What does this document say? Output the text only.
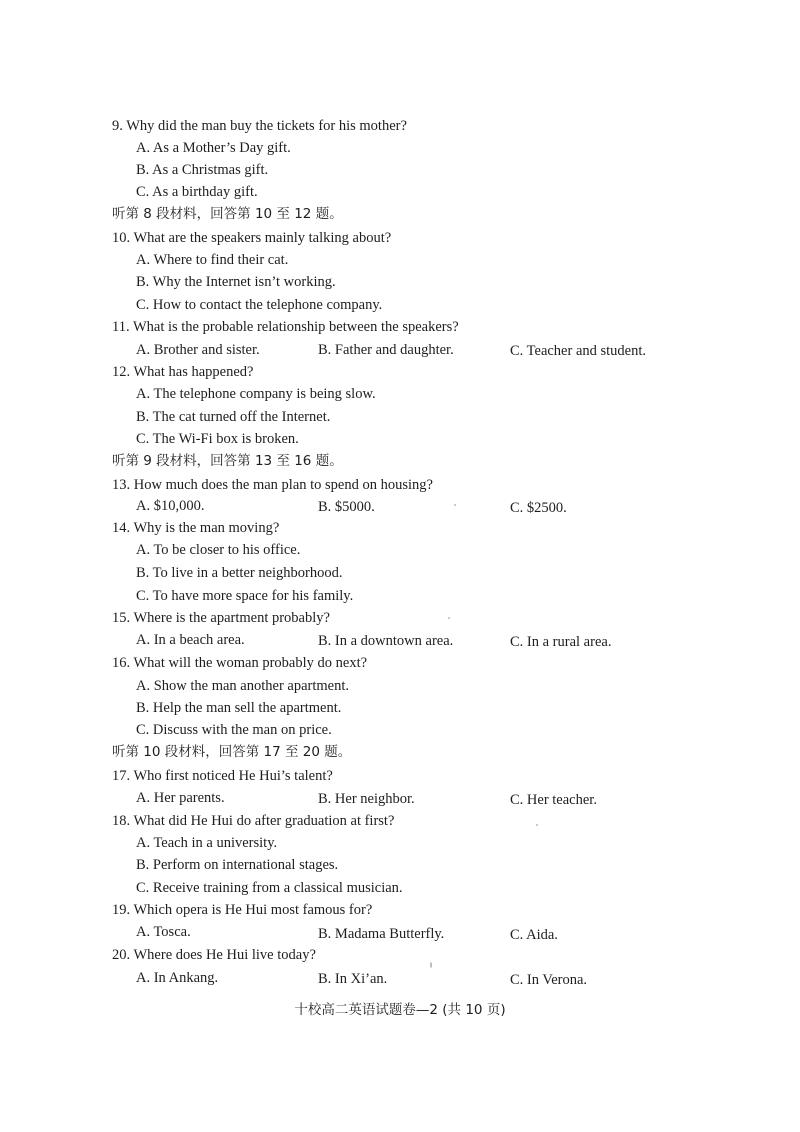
9. Why did the man buy the tickets for his mother?
A. As a Mother’s Day gift.
B. As a Christmas gift.
C. As a birthday gift.
听第 8 段材料，回答第 10 至 12 题。
10. What are the speakers mainly talking about?
A. Where to find their cat.
B. Why the Internet isn’t working.
C. How to contact the telephone company.
11. What is the probable relationship between the speakers?
A. Brother and sister.	B. Father and daughter.	C. Teacher and student.
12. What has happened?
A. The telephone company is being slow.
B. The cat turned off the Internet.
C. The Wi-Fi box is broken.
听第 9 段材料，回答第 13 至 16 题。
13. How much does the man plan to spend on housing?
A. $10,000.	B. $5000.	C. $2500.
14. Why is the man moving?
A. To be closer to his office.
B. To live in a better neighborhood.
C. To have more space for his family.
15. Where is the apartment probably?
A. In a beach area.	B. In a downtown area.	C. In a rural area.
16. What will the woman probably do next?
A. Show the man another apartment.
B. Help the man sell the apartment.
C. Discuss with the man on price.
听第 10 段材料，回答第 17 至 20 题。
17. Who first noticed He Hui’s talent?
A. Her parents.	B. Her neighbor.	C. Her teacher.
18. What did He Hui do after graduation at first?
A. Teach in a university.
B. Perform on international stages.
C. Receive training from a classical musician.
19. Which opera is He Hui most famous for?
A. Tosca.	B. Madama Butterfly.	C. Aida.
20. Where does He Hui live today?
A. In Ankang.	B. In Xi’an.	C. In Verona.
十校高二英语试题卷—2 (共 10 页)
